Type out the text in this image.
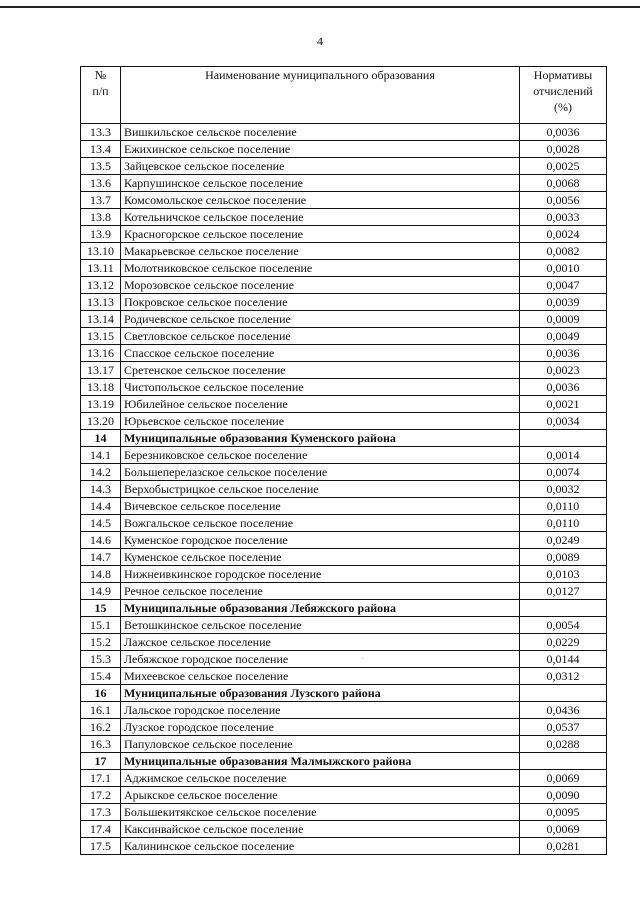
4
№
п/п	Наименование муниципального образования	Нормативы
отчислений
(%)
13.3	Вишкильское сельское поселение	0,0036
13.4	Ежихинское сельское поселение	0,0028
13.5	Зайцевское сельское поселение	0,0025
13.6	Карпушинское сельское поселение	0,0068
13.7	Комсомольское сельское поселение	0,0056
13.8	Котельничское сельское поселение	0,0033
13.9	Красногорское сельское поселение	0,0024
13.10	Макарьевское сельское поселение	0,0082
13.11	Молотниковское сельское поселение	0,0010
13.12	Морозовское сельское поселение	0,0047
13.13	Покровское сельское поселение	0,0039
13.14	Родичевское сельское поселение	0,0009
13.15	Светловское сельское поселение	0,0049
13.16	Спасское сельское поселение	0,0036
13.17	Сретенское сельское поселение	0,0023
13.18	Чистопольское сельское поселение	0,0036
13.19	Юбилейное сельское поселение	0,0021
13.20	Юрьевское сельское поселение	0,0034
14	Муниципальные образования Куменского района	
14.1	Березниковское сельское поселение	0,0014
14.2	Большеперелазское сельское поселение	0,0074
14.3	Верхобыстрицкое сельское поселение	0,0032
14.4	Вичевское сельское поселение	0,0110
14.5	Вожгальское сельское поселение	0,0110
14.6	Куменское городское поселение	0,0249
14.7	Куменское сельское поселение	0,0089
14.8	Нижнеивкинское городское поселение	0,0103
14.9	Речное сельское поселение	0,0127
15	Муниципальные образования Лебяжского района	
15.1	Ветошкинское сельское поселение	0,0054
15.2	Лажское сельское поселение	0,0229
15.3	Лебяжское городское поселение	0,0144
15.4	Михеевское сельское поселение	0,0312
16	Муниципальные образования Лузского района	
16.1	Лальское городское поселение	0,0436
16.2	Лузское городское поселение	0,0537
16.3	Папуловское сельское поселение	0,0288
17	Муниципальные образования Малмыжского района	
17.1	Аджимское сельское поселение	0,0069
17.2	Арыкское сельское поселение	0,0090
17.3	Большекитякское сельское поселение	0,0095
17.4	Каксинвайское сельское поселение	0,0069
17.5	Калининское сельское поселение	0,0281
·
